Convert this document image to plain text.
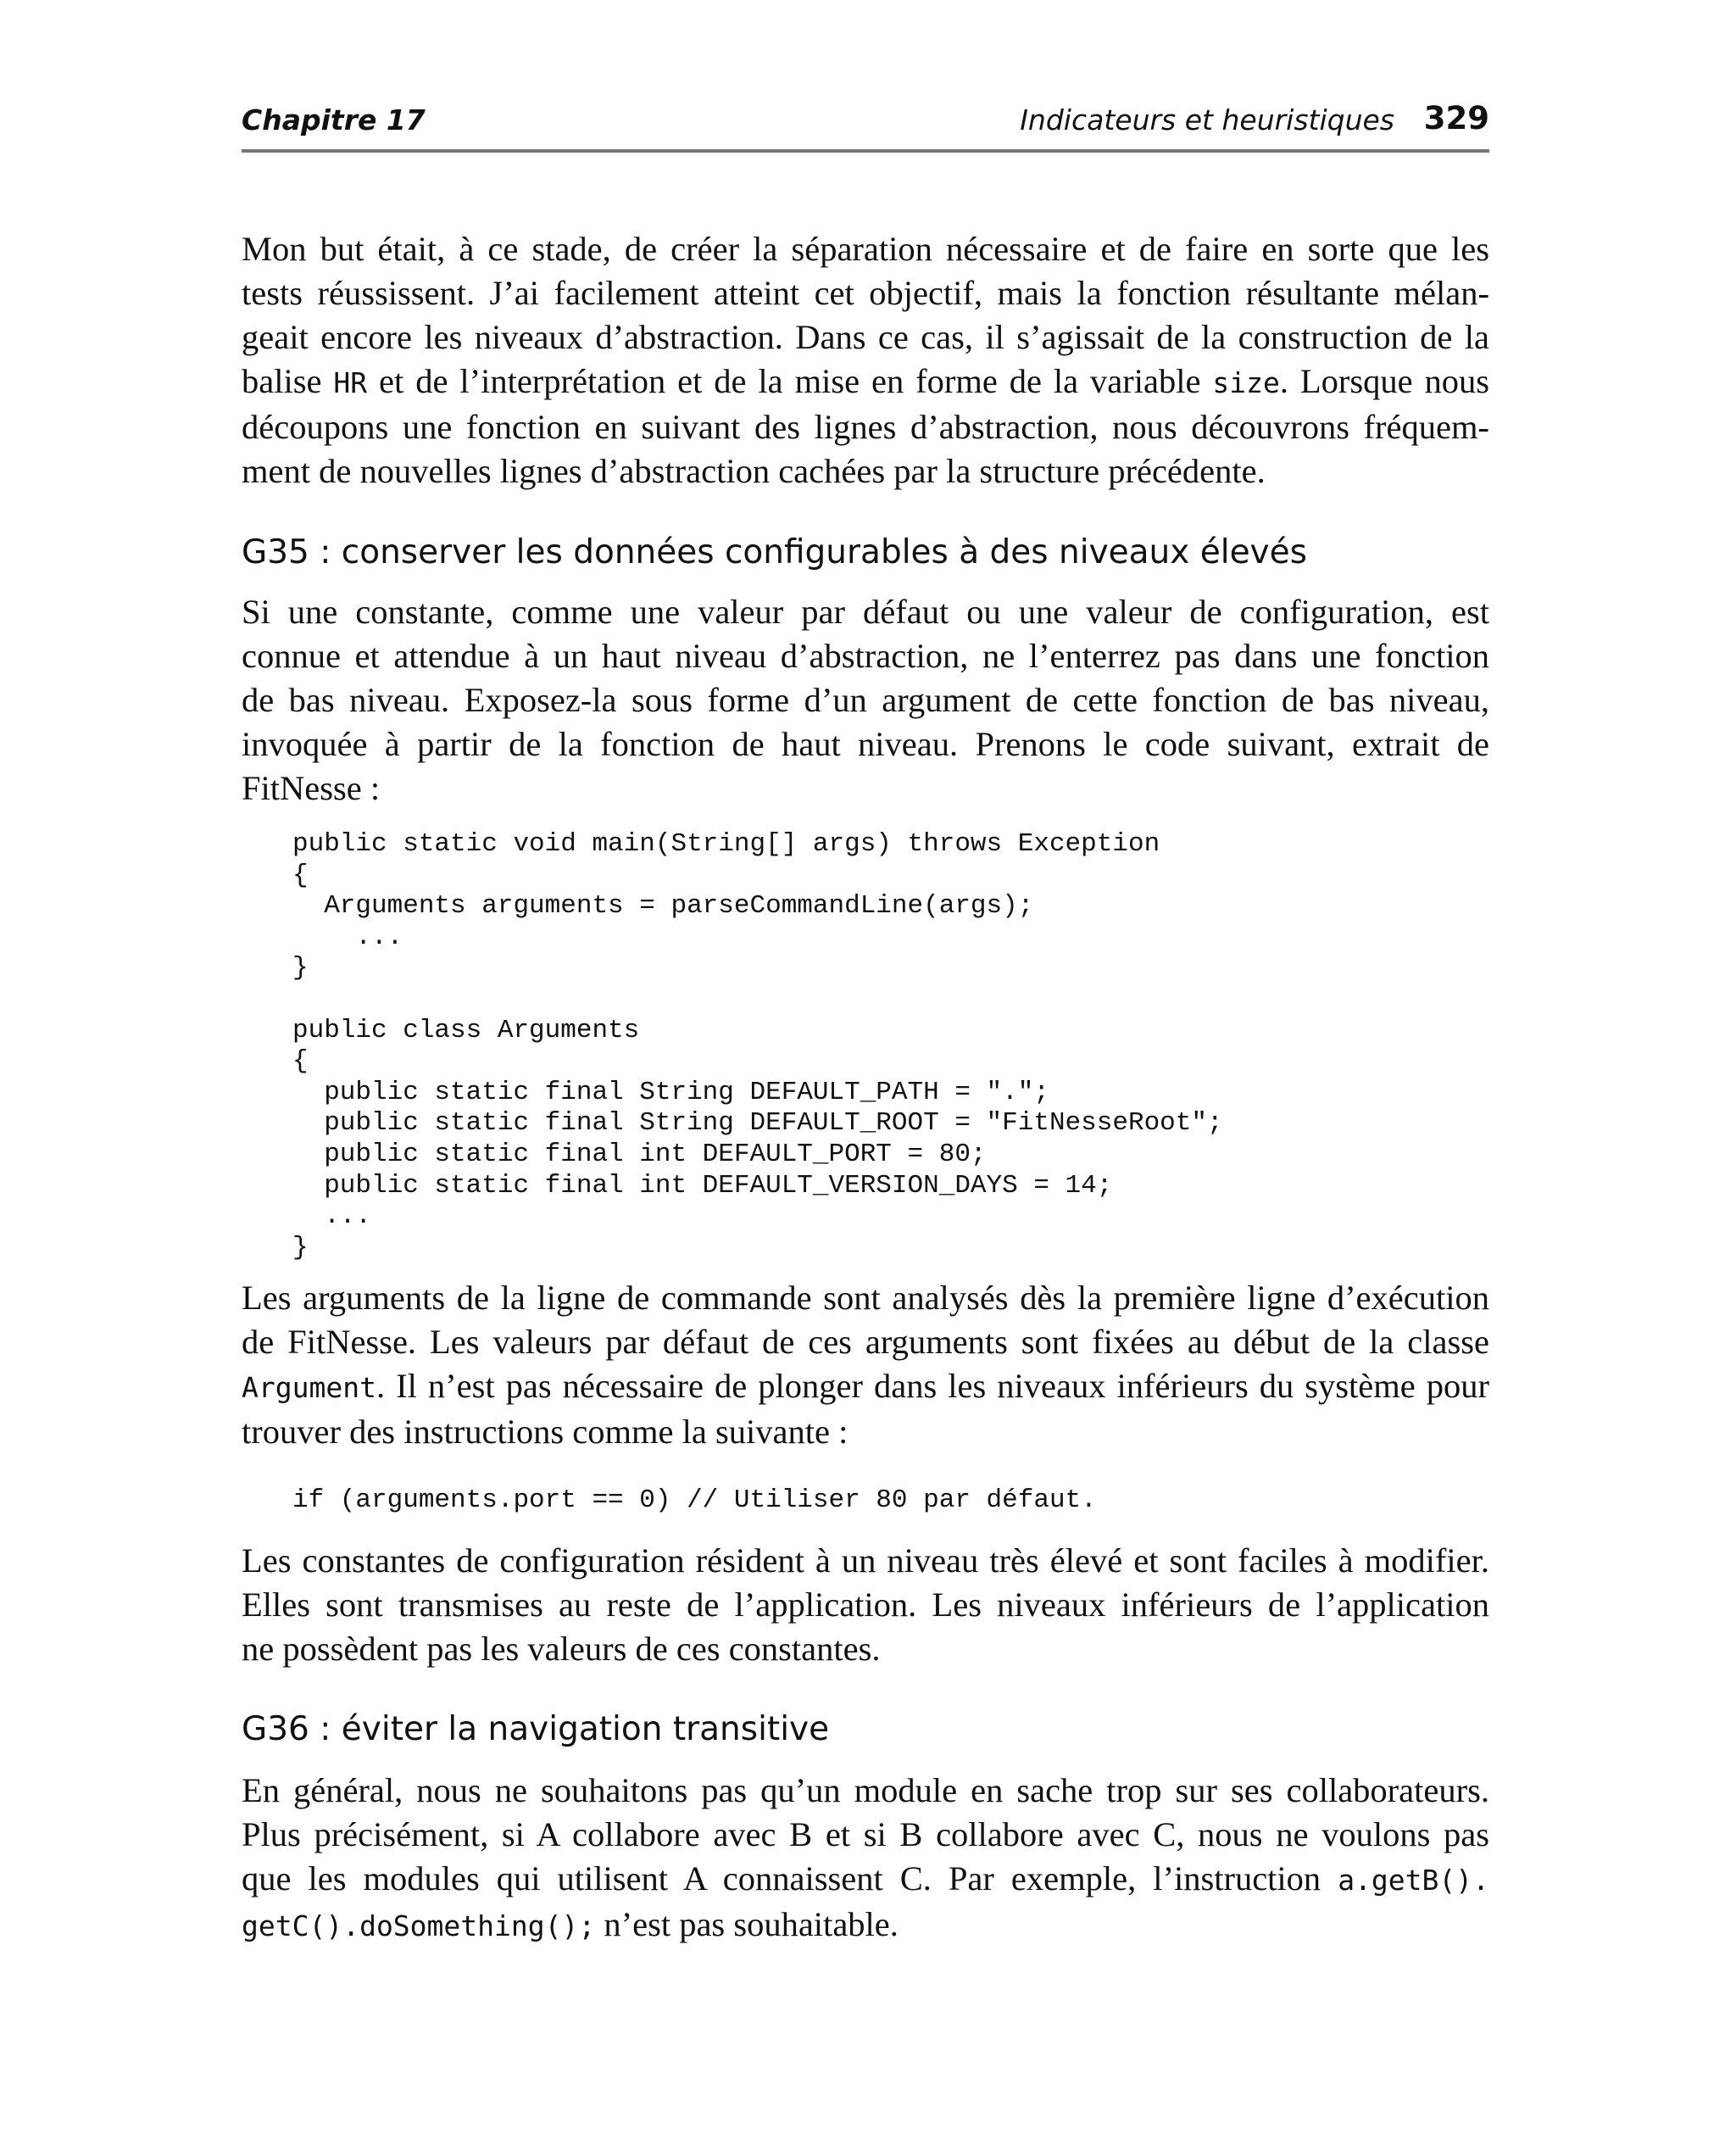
Chapitre 17	Indicateurs et heuristiques 329

Mon but était, à ce stade, de créer la séparation nécessaire et de faire en sorte que les
tests réussissent. J’ai facilement atteint cet objectif, mais la fonction résultante mélan-
geait encore les niveaux d’abstraction. Dans ce cas, il s’agissait de la construction de la
balise HR et de l’interprétation et de la mise en forme de la variable size. Lorsque nous
découpons une fonction en suivant des lignes d’abstraction, nous découvrons fréquem-
ment de nouvelles lignes d’abstraction cachées par la structure précédente.

G35 : conserver les données configurables à des niveaux élevés

Si une constante, comme une valeur par défaut ou une valeur de configuration, est
connue et attendue à un haut niveau d’abstraction, ne l’enterrez pas dans une fonction
de bas niveau. Exposez-la sous forme d’un argument de cette fonction de bas niveau,
invoquée à partir de la fonction de haut niveau. Prenons le code suivant, extrait de
FitNesse :

public static void main(String[] args) throws Exception
{
Arguments arguments = parseCommandLine(args);
...
}

public class Arguments
{
public static final String DEFAULT_PATH = ".";
public static final String DEFAULT_ROOT = "FitNesseRoot";
public static final int DEFAULT_PORT = 80;
public static final int DEFAULT_VERSION_DAYS = 14;
...
}

Les arguments de la ligne de commande sont analysés dès la première ligne d’exécution
de FitNesse. Les valeurs par défaut de ces arguments sont fixées au début de la classe
Argument. Il n’est pas nécessaire de plonger dans les niveaux inférieurs du système pour
trouver des instructions comme la suivante :

if (arguments.port == 0) // Utiliser 80 par défaut.

Les constantes de configuration résident à un niveau très élevé et sont faciles à modifier.
Elles sont transmises au reste de l’application. Les niveaux inférieurs de l’application
ne possèdent pas les valeurs de ces constantes.

G36 : éviter la navigation transitive

En général, nous ne souhaitons pas qu’un module en sache trop sur ses collaborateurs.
Plus précisément, si A collabore avec B et si B collabore avec C, nous ne voulons pas
que les modules qui utilisent A connaissent C. Par exemple, l’instruction a.getB().
getC().doSomething(); n’est pas souhaitable.
